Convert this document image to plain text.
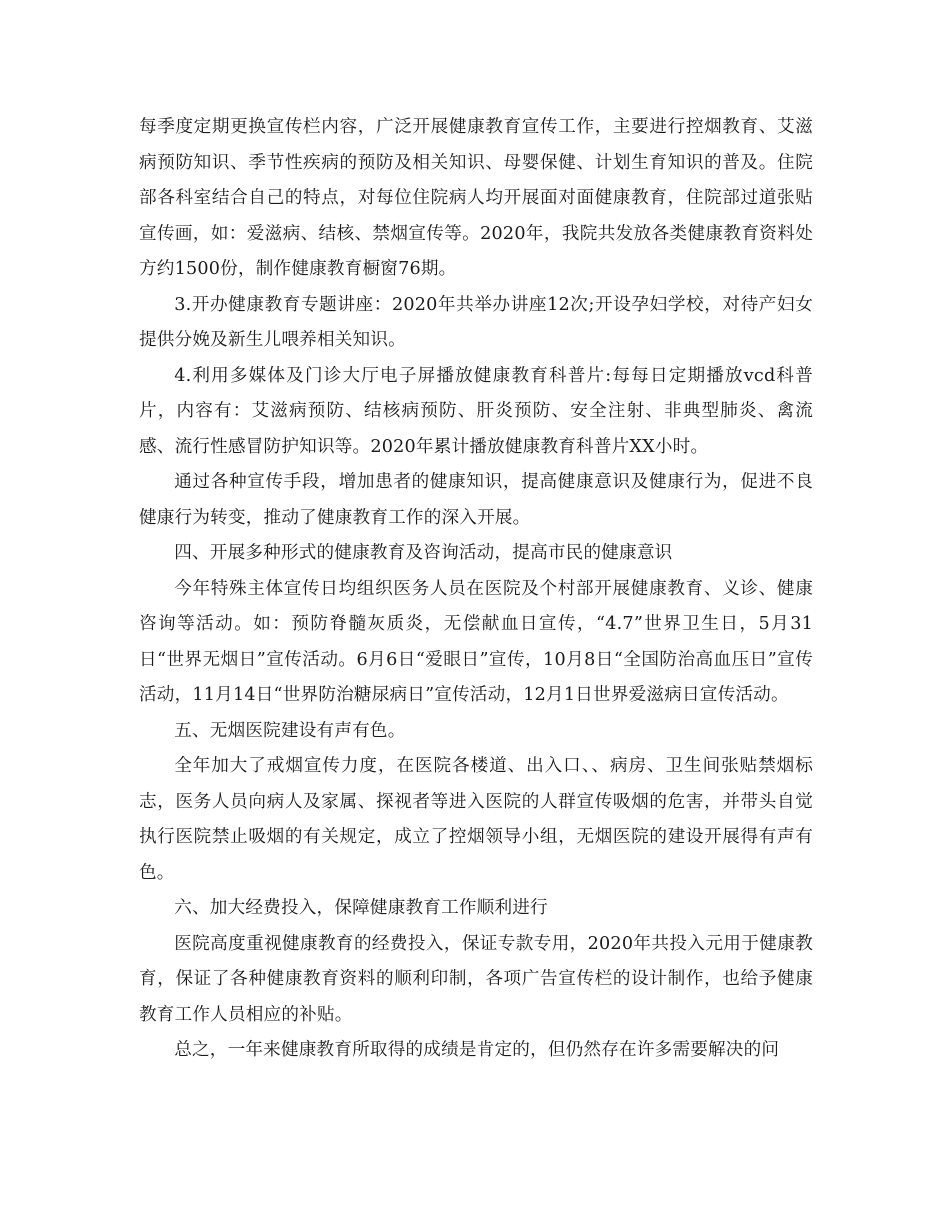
每季度定期更换宣传栏内容，广泛开展健康教育宣传工作，主要进行控烟教育、艾滋病预防知识、季节性疾病的预防及相关知识、母婴保健、计划生育知识的普及。住院部各科室结合自己的特点，对每位住院病人均开展面对面健康教育，住院部过道张贴宣传画，如：爱滋病、结核、禁烟宣传等。2020年，我院共发放各类健康教育资料处方约1500份，制作健康教育橱窗76期。

3.开办健康教育专题讲座：2020年共举办讲座12次;开设孕妇学校，对待产妇女提供分娩及新生儿喂养相关知识。

4.利用多媒体及门诊大厅电子屏播放健康教育科普片:每每日定期播放vcd科普片，内容有：艾滋病预防、结核病预防、肝炎预防、安全注射、非典型肺炎、禽流感、流行性感冒防护知识等。2020年累计播放健康教育科普片XX小时。

通过各种宣传手段，增加患者的健康知识，提高健康意识及健康行为，促进不良健康行为转变，推动了健康教育工作的深入开展。

四、开展多种形式的健康教育及咨询活动，提高市民的健康意识

今年特殊主体宣传日均组织医务人员在医院及个村部开展健康教育、义诊、健康咨询等活动。如：预防脊髓灰质炎，无偿献血日宣传，“4.7”世界卫生日，5月31日“世界无烟日”宣传活动。6月6日“爱眼日”宣传，10月8日“全国防治高血压日”宣传活动，11月14日“世界防治糖尿病日”宣传活动，12月1日世界爱滋病日宣传活动。

五、无烟医院建设有声有色。

全年加大了戒烟宣传力度，在医院各楼道、出入口、、病房、卫生间张贴禁烟标志，医务人员向病人及家属、探视者等进入医院的人群宣传吸烟的危害，并带头自觉执行医院禁止吸烟的有关规定，成立了控烟领导小组，无烟医院的建设开展得有声有色。

六、加大经费投入，保障健康教育工作顺利进行

医院高度重视健康教育的经费投入，保证专款专用，2020年共投入元用于健康教育，保证了各种健康教育资料的顺利印制，各项广告宣传栏的设计制作，也给予健康教育工作人员相应的补贴。

总之，一年来健康教育所取得的成绩是肯定的，但仍然存在许多需要解决的问
